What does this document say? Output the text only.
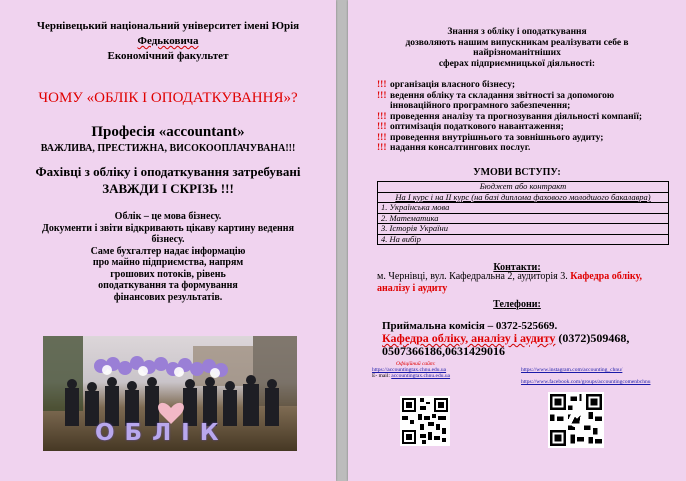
Чернівецький національний університет імені Юрія
Федьковича
Економічний факультет
ЧОМУ «ОБЛІК І ОПОДАТКУВАННЯ»?
Професія «accountant»
ВАЖЛИВА, ПРЕСТИЖНА, ВИСОКООПЛАЧУВАНА!!!
Фахівці з обліку і оподаткування затребувані
ЗАВЖДИ І СКРІЗЬ !!!
Облік – це мова бізнесу.
Документи і звіти відкривають цікаву картину ведення
бізнесу.
Саме бухгалтер надає інформацію
про майно підприємства, напрям
грошових потоків, рівень
оподаткування та формування
фінансових результатів.
ОБЛІК
Знання з обліку і оподаткування
дозволяють нашим випускникам реалізувати себе в
найрізноманітніших
сферах підприємницької діяльності:
!!! організація власного бізнесу;
!!! ведення обліку та складання звітності за допомогою інноваційного програмного забезпечення;
!!! проведення аналізу та прогнозування діяльності компанії;
!!! оптимізація податкового навантаження;
!!! проведення внутрішнього та зовнішнього аудиту;
!!! надання консалтингових послуг.
УМОВИ ВСТУПУ:
Бюджет або контракт
На І курс і на ІІ курс (на базі диплома фахового молодшого бакалавра)
1. Українська мова
2. Математика
3. Історія України
4. На вибір
Контакти:
м. Чернівці, вул. Кафедральна 2, аудиторія 3. Кафедра обліку, аналізу і аудиту
Телефони:
Приймальна комісія – 0372-525669.
Кафедра обліку, аналізу і аудиту (0372)509468, 0507366186,0631429016
Офіційний сайт:
https://accountingtax.chnu.edu.ua
E- mail: accountingtax.chnu.edu.ua
https://www.instagram.com/accounting_chnu/
https://www.facebook.com/groups/accountingcomenbchnu
